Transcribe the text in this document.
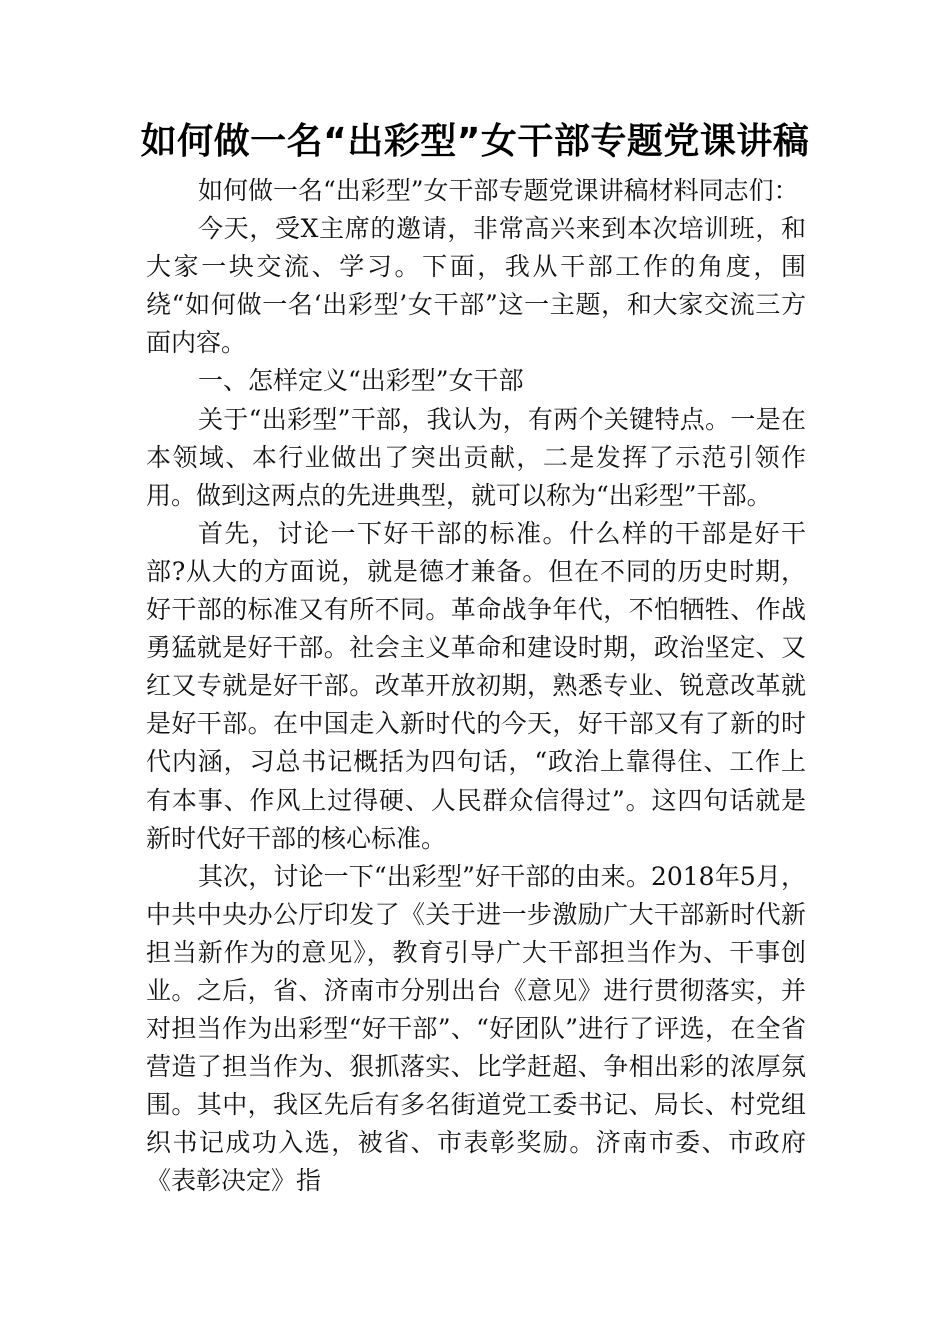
如何做一名“出彩型”女干部专题党课讲稿

如何做一名“出彩型”女干部专题党课讲稿材料同志们：

今天，受X主席的邀请，非常高兴来到本次培训班，和大家一块交流、学习。下面，我从干部工作的角度，围绕“如何做一名‘出彩型’女干部”这一主题，和大家交流三方面内容。

一、怎样定义“出彩型”女干部

关于“出彩型”干部，我认为，有两个关键特点。一是在本领域、本行业做出了突出贡献，二是发挥了示范引领作用。做到这两点的先进典型，就可以称为“出彩型”干部。

首先，讨论一下好干部的标准。什么样的干部是好干部?从大的方面说，就是德才兼备。但在不同的历史时期，好干部的标准又有所不同。革命战争年代，不怕牺牲、作战勇猛就是好干部。社会主义革命和建设时期，政治坚定、又红又专就是好干部。改革开放初期，熟悉专业、锐意改革就是好干部。在中国走入新时代的今天，好干部又有了新的时代内涵，习总书记概括为四句话，“政治上靠得住、工作上有本事、作风上过得硬、人民群众信得过”。这四句话就是新时代好干部的核心标准。

其次，讨论一下“出彩型”好干部的由来。2018年5月，中共中央办公厅印发了《关于进一步激励广大干部新时代新担当新作为的意见》，教育引导广大干部担当作为、干事创业。之后，省、济南市分别出台《意见》进行贯彻落实，并对担当作为出彩型“好干部”、“好团队”进行了评选，在全省营造了担当作为、狠抓落实、比学赶超、争相出彩的浓厚氛围。其中，我区先后有多名街道党工委书记、局长、村党组织书记成功入选，被省、市表彰奖励。济南市委、市政府《表彰决定》指
